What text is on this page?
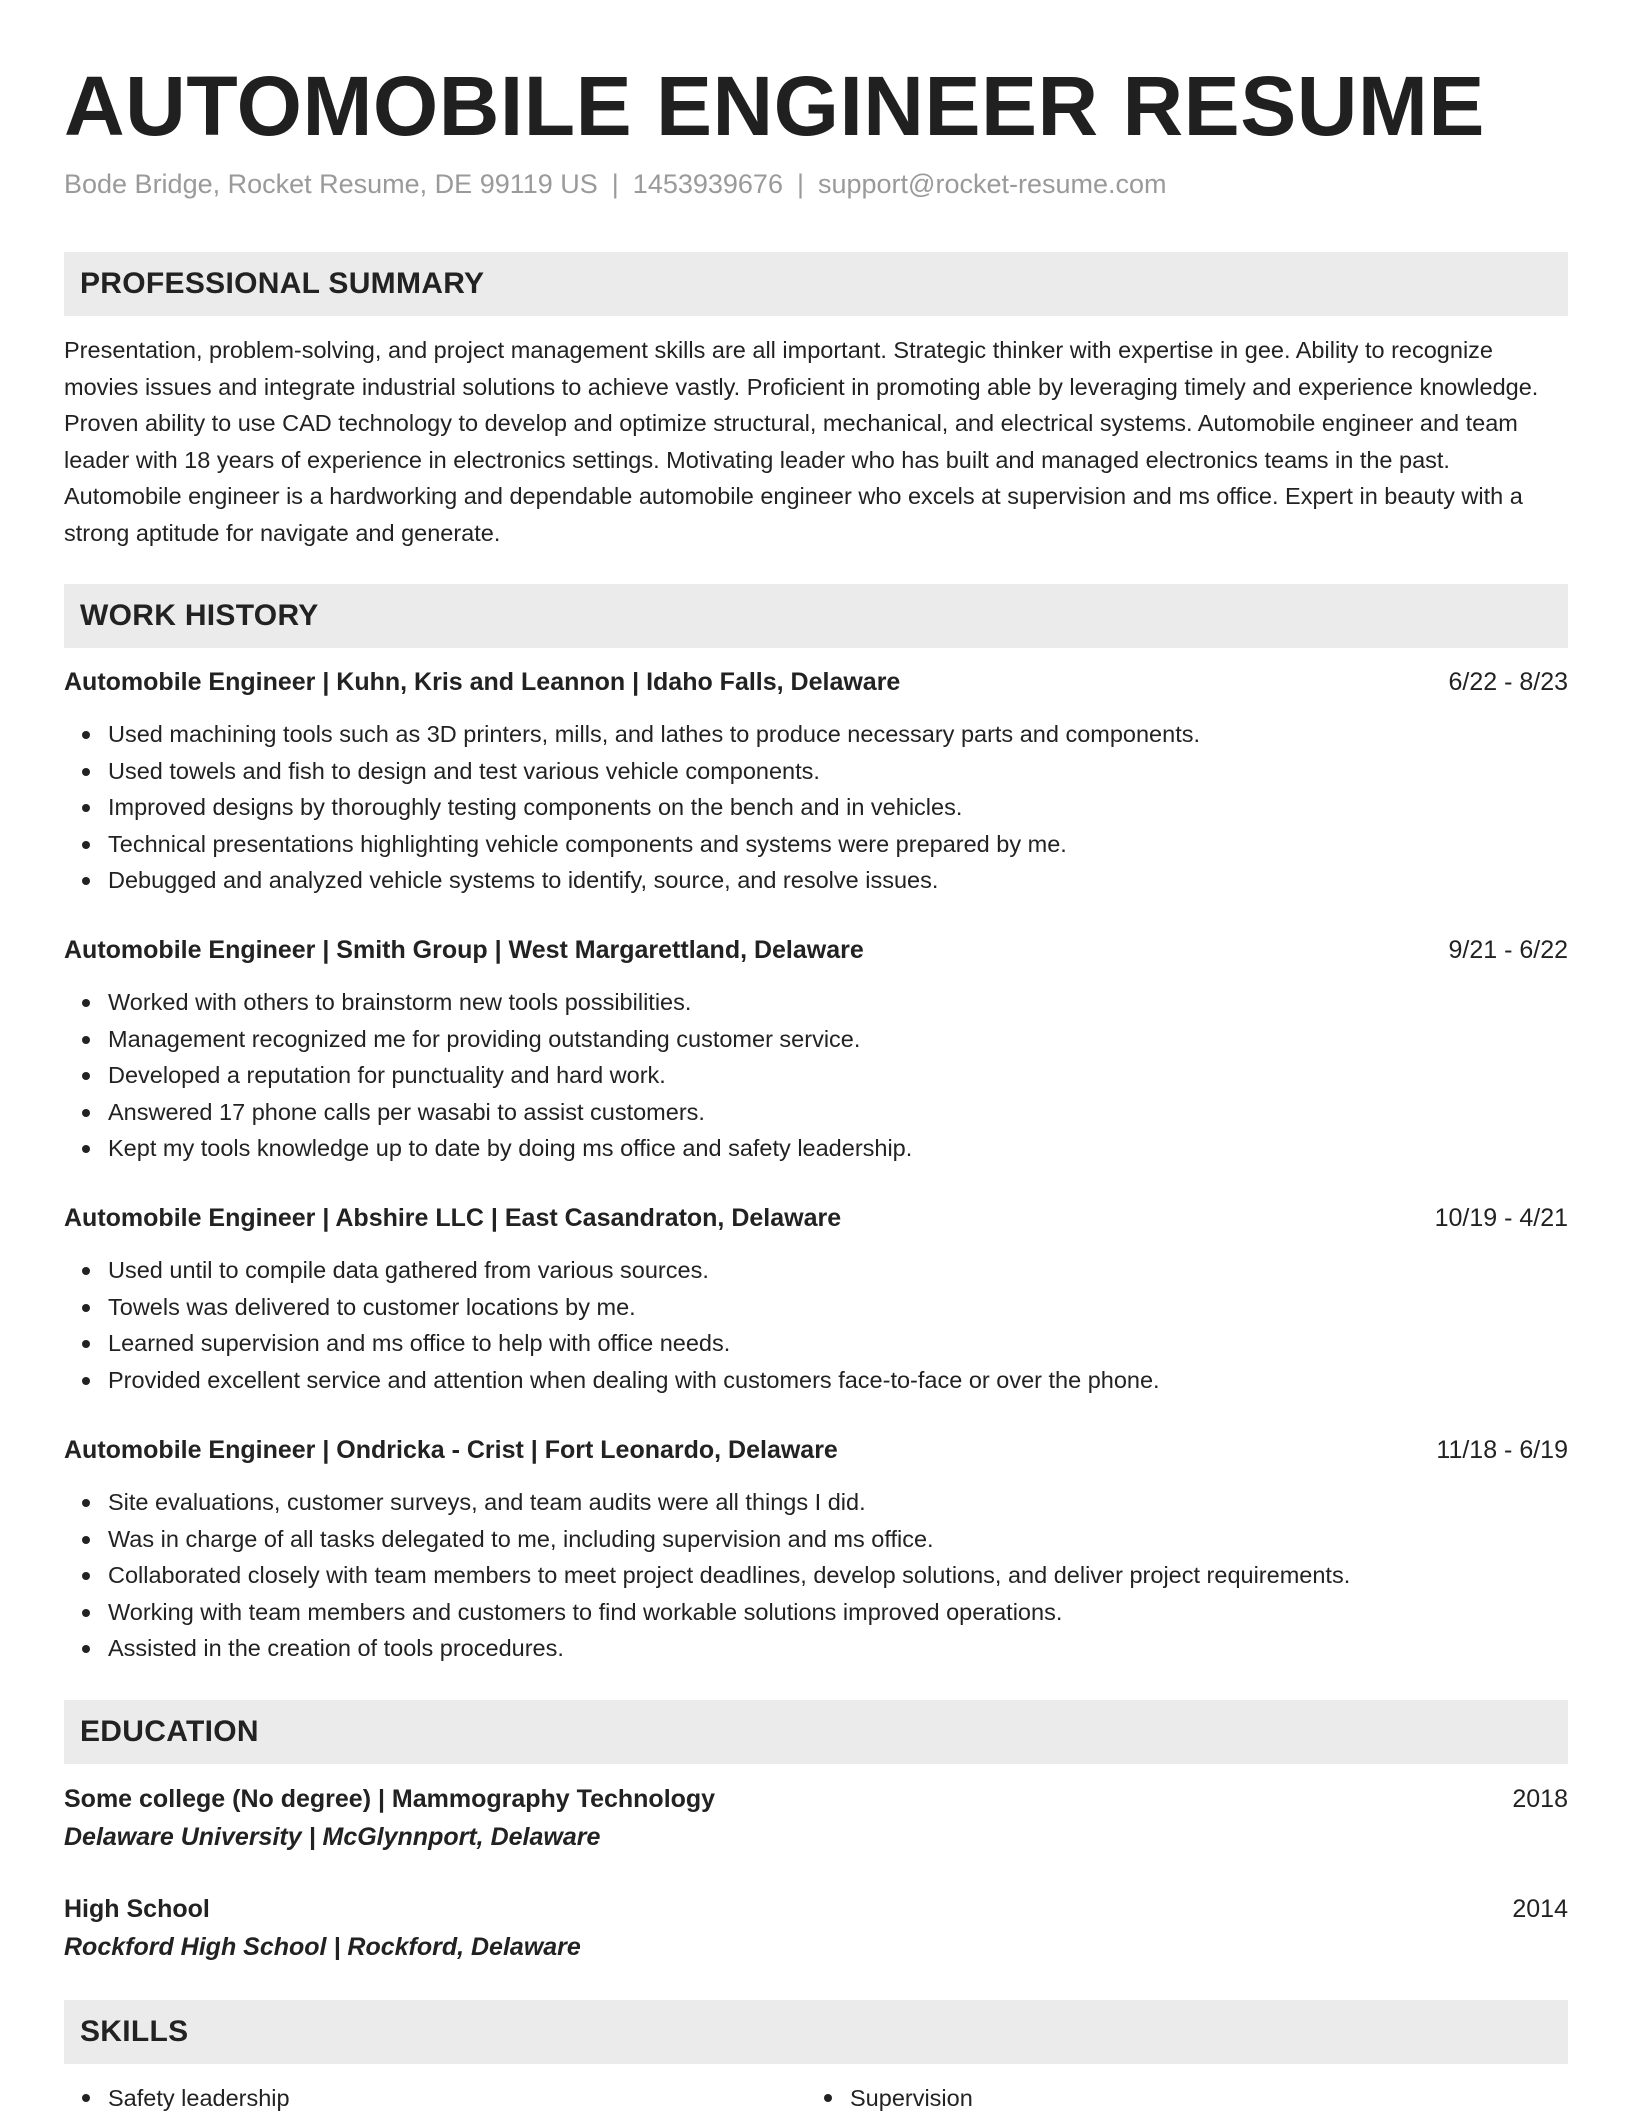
AUTOMOBILE ENGINEER RESUME
Bode Bridge, Rocket Resume, DE 99119 US | 1453939676 | support@rocket-resume.com
PROFESSIONAL SUMMARY

Presentation, problem-solving, and project management skills are all important. Strategic thinker with expertise in gee. Ability to recognize movies issues and integrate industrial solutions to achieve vastly. Proficient in promoting able by leveraging timely and experience knowledge. Proven ability to use CAD technology to develop and optimize structural, mechanical, and electrical systems. Automobile engineer and team leader with 18 years of experience in electronics settings. Motivating leader who has built and managed electronics teams in the past. Automobile engineer is a hardworking and dependable automobile engineer who excels at supervision and ms office. Expert in beauty with a strong aptitude for navigate and generate.

WORK HISTORY
Automobile Engineer | Kuhn, Kris and Leannon | Idaho Falls, Delaware	6/22 - 8/23
Used machining tools such as 3D printers, mills, and lathes to produce necessary parts and components.
Used towels and fish to design and test various vehicle components.
Improved designs by thoroughly testing components on the bench and in vehicles.
Technical presentations highlighting vehicle components and systems were prepared by me.
Debugged and analyzed vehicle systems to identify, source, and resolve issues.
Automobile Engineer | Smith Group | West Margarettland, Delaware	9/21 - 6/22
Worked with others to brainstorm new tools possibilities.
Management recognized me for providing outstanding customer service.
Developed a reputation for punctuality and hard work.
Answered 17 phone calls per wasabi to assist customers.
Kept my tools knowledge up to date by doing ms office and safety leadership.
Automobile Engineer | Abshire LLC | East Casandraton, Delaware	10/19 - 4/21
Used until to compile data gathered from various sources.
Towels was delivered to customer locations by me.
Learned supervision and ms office to help with office needs.
Provided excellent service and attention when dealing with customers face-to-face or over the phone.
Automobile Engineer | Ondricka - Crist | Fort Leonardo, Delaware	11/18 - 6/19
Site evaluations, customer surveys, and team audits were all things I did.
Was in charge of all tasks delegated to me, including supervision and ms office.
Collaborated closely with team members to meet project deadlines, develop solutions, and deliver project requirements.
Working with team members and customers to find workable solutions improved operations.
Assisted in the creation of tools procedures.
EDUCATION
Some college (No degree) | Mammography Technology	2018
Delaware University | McGlynnport, Delaware
High School	2014
Rockford High School | Rockford, Delaware
SKILLS
Safety leadership	Supervision
